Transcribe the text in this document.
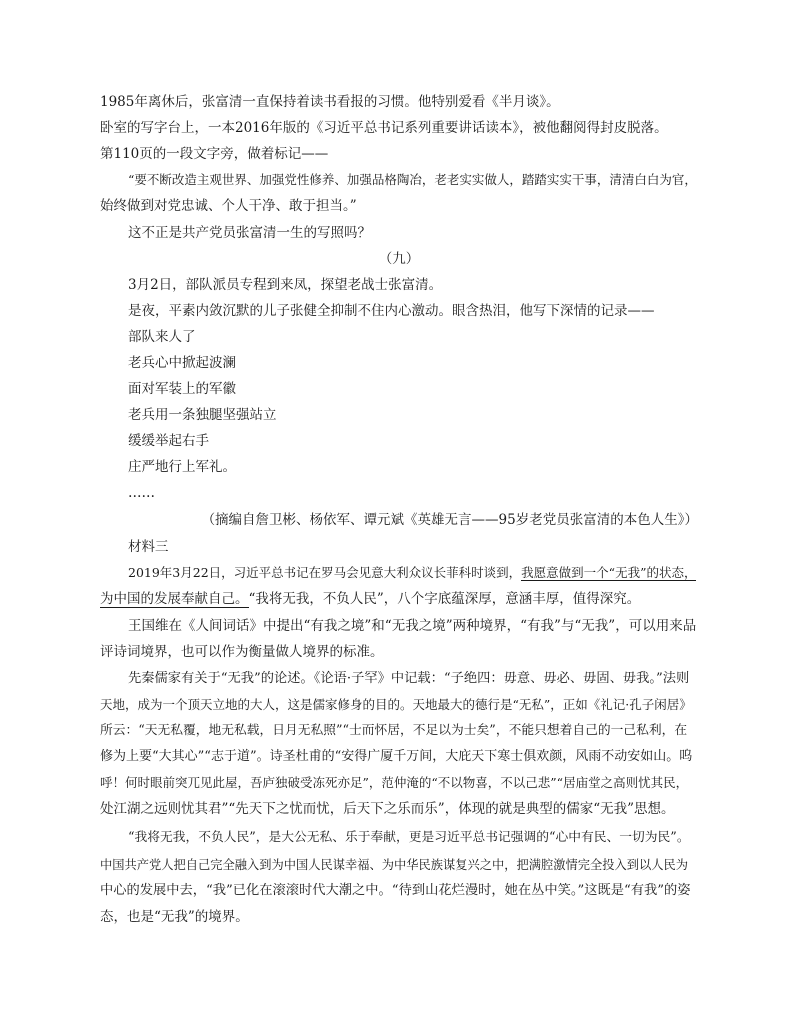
1985年离休后，张富清一直保持着读书看报的习惯。他特别爱看《半月谈》。
卧室的写字台上，一本2016年版的《习近平总书记系列重要讲话读本》，被他翻阅得封皮脱落。
第110页的一段文字旁，做着标记——
“要不断改造主观世界、加强党性修养、加强品格陶冶，老老实实做人，踏踏实实干事，清清白白为官，
始终做到对党忠诚、个人干净、敢于担当。”
这不正是共产党员张富清一生的写照吗？
（九）
3月2日，部队派员专程到来凤，探望老战士张富清。
是夜，平素内敛沉默的儿子张健全抑制不住内心激动。眼含热泪，他写下深情的记录——
部队来人了
老兵心中掀起波澜
面对军装上的军徽
老兵用一条独腿坚强站立
缓缓举起右手
庄严地行上军礼。
……
（摘编自詹卫彬、杨依军、谭元斌《英雄无言——95岁老党员张富清的本色人生》）
材料三
2019年3月22日，习近平总书记在罗马会见意大利众议长菲科时谈到，我愿意做到一个“无我”的状态，
为中国的发展奉献自己。“我将无我，不负人民”，八个字底蕴深厚，意涵丰厚，值得深究。
王国维在《人间词话》中提出“有我之境”和“无我之境”两种境界，“有我”与“无我”，可以用来品
评诗词境界，也可以作为衡量做人境界的标准。
先秦儒家有关于“无我”的论述。《论语·子罕》中记载：“子绝四：毋意、毋必、毋固、毋我。”法则
天地，成为一个顶天立地的大人，这是儒家修身的目的。天地最大的德行是“无私”，正如《礼记·孔子闲居》
所云：“天无私覆，地无私载，日月无私照”“士而怀居，不足以为士矣”，不能只想着自己的一己私利，在
修为上要“大其心”“志于道”。诗圣杜甫的“安得广厦千万间，大庇天下寒士俱欢颜，风雨不动安如山。呜
呼！何时眼前突兀见此屋，吾庐独破受冻死亦足”，范仲淹的“不以物喜，不以己悲”“居庙堂之高则忧其民，
处江湖之远则忧其君”“先天下之忧而忧，后天下之乐而乐”，体现的就是典型的儒家“无我”思想。
“我将无我，不负人民”，是大公无私、乐于奉献，更是习近平总书记强调的“心中有民、一切为民”。
中国共产党人把自己完全融入到为中国人民谋幸福、为中华民族谋复兴之中，把满腔激情完全投入到以人民为
中心的发展中去，“我”已化在滚滚时代大潮之中。“待到山花烂漫时，她在丛中笑。”这既是“有我”的姿
态，也是“无我”的境界。
